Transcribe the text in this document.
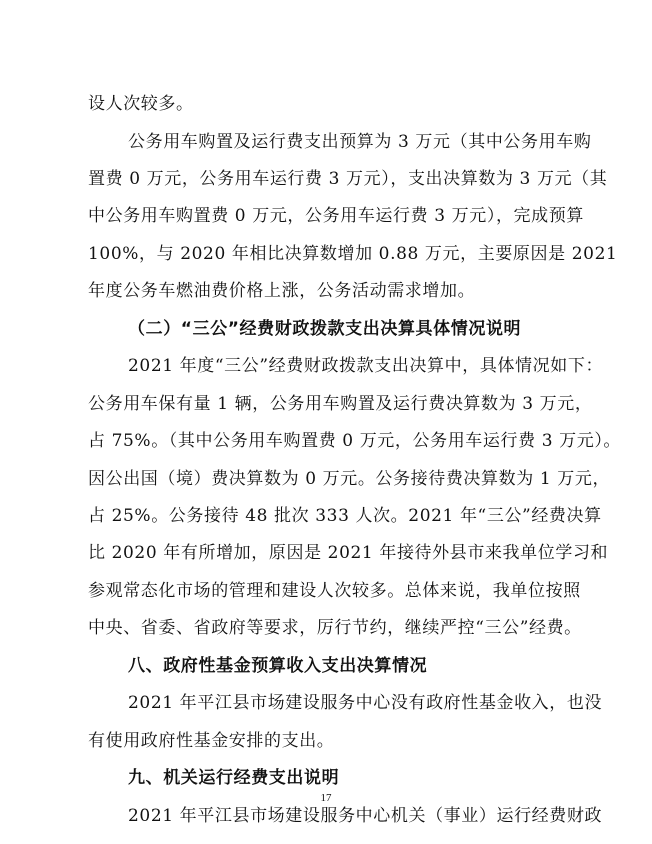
设人次较多。
公务用车购置及运行费支出预算为 3 万元（其中公务用车购
置费 0 万元，公务用车运行费 3 万元），支出决算数为 3 万元（其
中公务用车购置费 0 万元，公务用车运行费 3 万元），完成预算
100%，与 2020 年相比决算数增加 0.88 万元，主要原因是 2021
年度公务车燃油费价格上涨，公务活动需求增加。
（二）“三公”经费财政拨款支出决算具体情况说明
2021 年度“三公”经费财政拨款支出决算中，具体情况如下：
公务用车保有量 1 辆，公务用车购置及运行费决算数为 3 万元，
占 75%。（其中公务用车购置费 0 万元，公务用车运行费 3 万元）。
因公出国（境）费决算数为 0 万元。公务接待费决算数为 1 万元，
占 25%。公务接待 48 批次 333 人次。2021 年“三公”经费决算
比 2020 年有所增加，原因是 2021 年接待外县市来我单位学习和
参观常态化市场的管理和建设人次较多。总体来说，我单位按照
中央、省委、省政府等要求，厉行节约，继续严控“三公”经费。
八、政府性基金预算收入支出决算情况
2021 年平江县市场建设服务中心没有政府性基金收入，也没
有使用政府性基金安排的支出。
九、机关运行经费支出说明
2021 年平江县市场建设服务中心机关（事业）运行经费财政
17
